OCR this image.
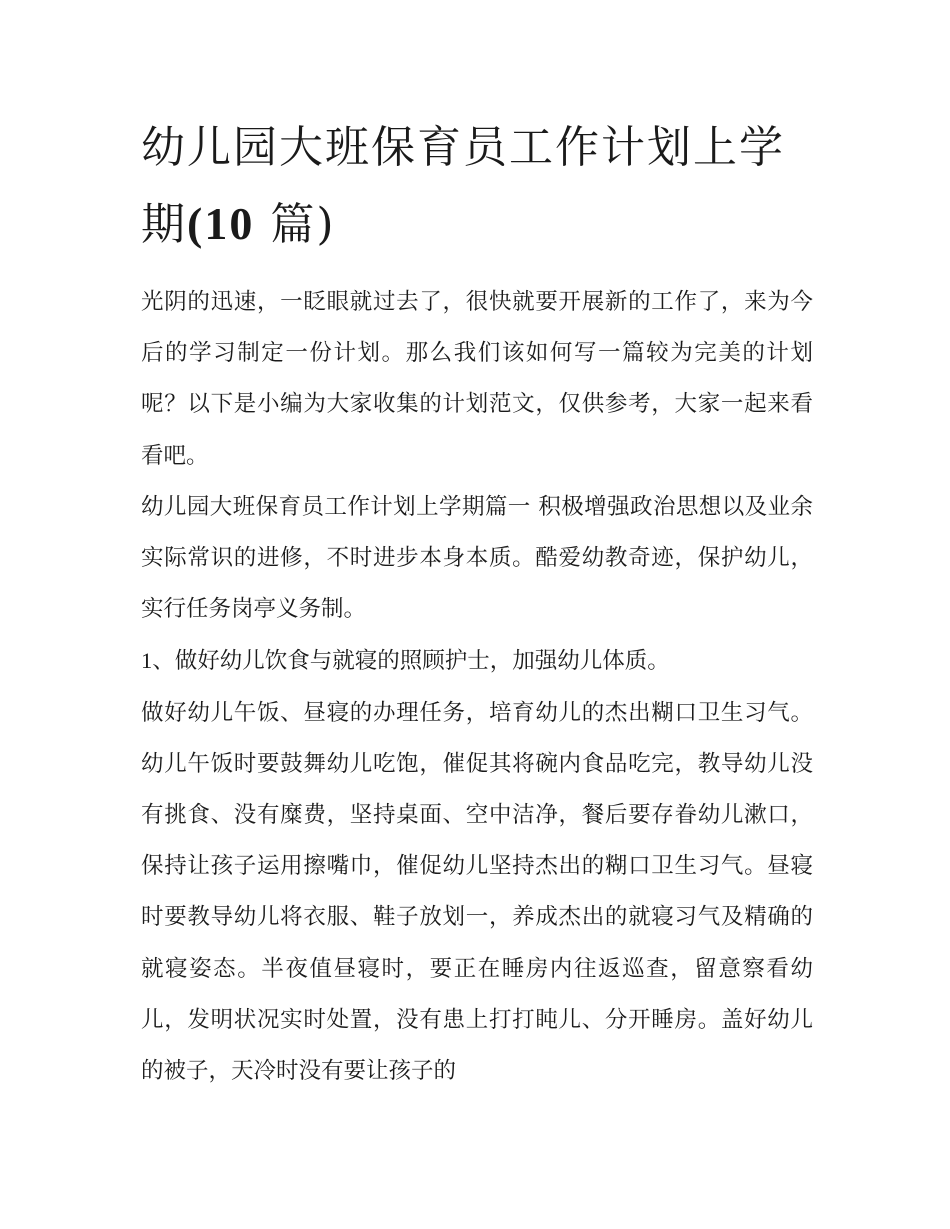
幼儿园大班保育员工作计划上学期(10 篇)

光阴的迅速，一眨眼就过去了，很快就要开展新的工作了，来为今后的学习制定一份计划。那么我们该如何写一篇较为完美的计划呢？以下是小编为大家收集的计划范文，仅供参考，大家一起来看看吧。

幼儿园大班保育员工作计划上学期篇一 积极增强政治思想以及业余实际常识的进修，不时进步本身本质。酷爱幼教奇迹，保护幼儿，实行任务岗亭义务制。

1、做好幼儿饮食与就寝的照顾护士，加强幼儿体质。

做好幼儿午饭、昼寝的办理任务，培育幼儿的杰出糊口卫生习气。幼儿午饭时要鼓舞幼儿吃饱，催促其将碗内食品吃完，教导幼儿没有挑食、没有糜费，坚持桌面、空中洁净，餐后要存眷幼儿漱口，保持让孩子运用擦嘴巾，催促幼儿坚持杰出的糊口卫生习气。昼寝时要教导幼儿将衣服、鞋子放划一，养成杰出的就寝习气及精确的就寝姿态。半夜值昼寝时，要正在睡房内往返巡查，留意察看幼儿，发明状况实时处置，没有患上打打盹儿、分开睡房。盖好幼儿的被子，天冷时没有要让孩子的
